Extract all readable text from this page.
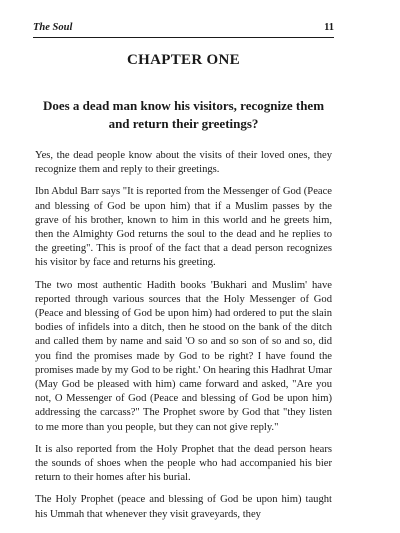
The Soul	11
CHAPTER ONE
Does a dead man know his visitors, recognize them and return their greetings?

Yes, the dead people know about the visits of their loved ones, they recognize them and reply to their greetings.

Ibn Abdul Barr says "It is reported from the Messenger of God (Peace and blessing of God be upon him) that if a Muslim passes by the grave of his brother, known to him in this world and he greets him, then the Almighty God returns the soul to the dead and he replies to the greeting". This is proof of the fact that a dead person recognizes his visitor by face and returns his greeting.

The two most authentic Hadith books 'Bukhari and Muslim' have reported through various sources that the Holy Messenger of God (Peace and blessing of God be upon him) had ordered to put the slain bodies of infidels into a ditch, then he stood on the bank of the ditch and called them by name and said 'O so and so son of so and so, did you find the promises made by God to be right? I have found the promises made by my God to be right.' On hearing this Hadhrat Umar (May God be pleased with him) came forward and asked, "Are you not, O Messenger of God (Peace and blessing of God be upon him) addressing the carcass?" The Prophet swore by God that "they listen to me more than you people, but they can not give reply."

It is also reported from the Holy Prophet that the dead person hears the sounds of shoes when the people who had accompanied his bier return to their homes after his burial.

The Holy Prophet (peace and blessing of God be upon him) taught his Ummah that whenever they visit graveyards, they
